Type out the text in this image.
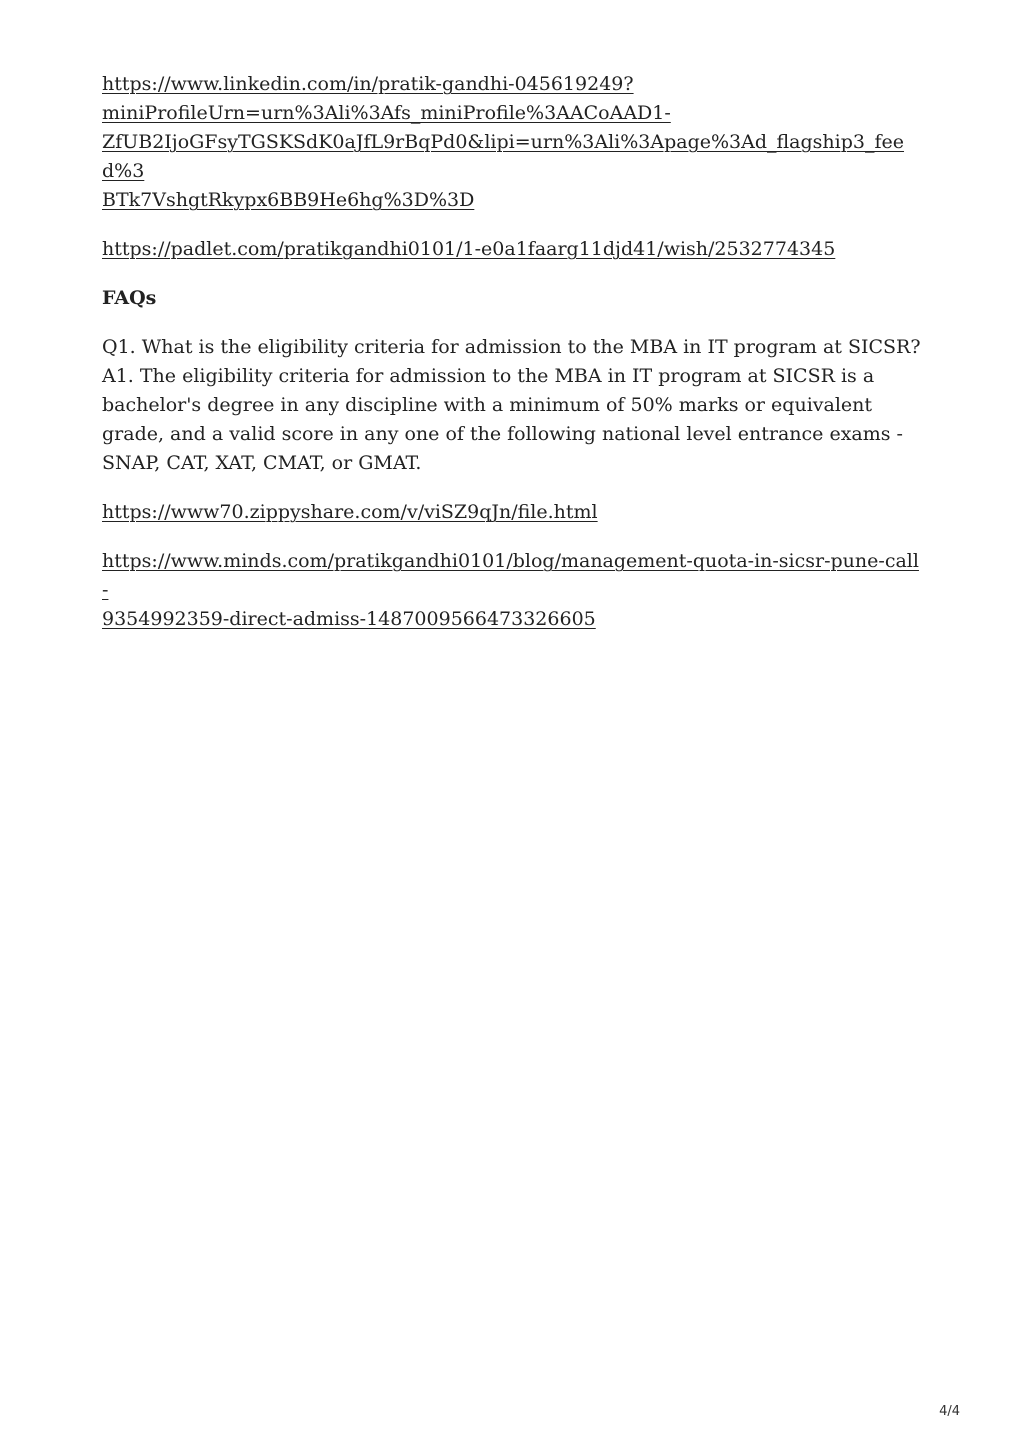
https://www.linkedin.com/in/pratik-gandhi-045619249?
miniProfileUrn=urn%3Ali%3Afs_miniProfile%3AACoAAD1-
ZfUB2IjoGFsyTGSKSdK0aJfL9rBqPd0&lipi=urn%3Ali%3Apage%3Ad_flagship3_feed%3
BTk7VshgtRkypx6BB9He6hg%3D%3D

https://padlet.com/pratikgandhi0101/1-e0a1faarg11djd41/wish/2532774345

FAQs

Q1. What is the eligibility criteria for admission to the MBA in IT program at SICSR? A1. The eligibility criteria for admission to the MBA in IT program at SICSR is a bachelor's degree in any discipline with a minimum of 50% marks or equivalent grade, and a valid score in any one of the following national level entrance exams - SNAP, CAT, XAT, CMAT, or GMAT.

https://www70.zippyshare.com/v/viSZ9qJn/file.html

https://www.minds.com/pratikgandhi0101/blog/management-quota-in-sicsr-pune-call-
9354992359-direct-admiss-1487009566473326605

4/4
